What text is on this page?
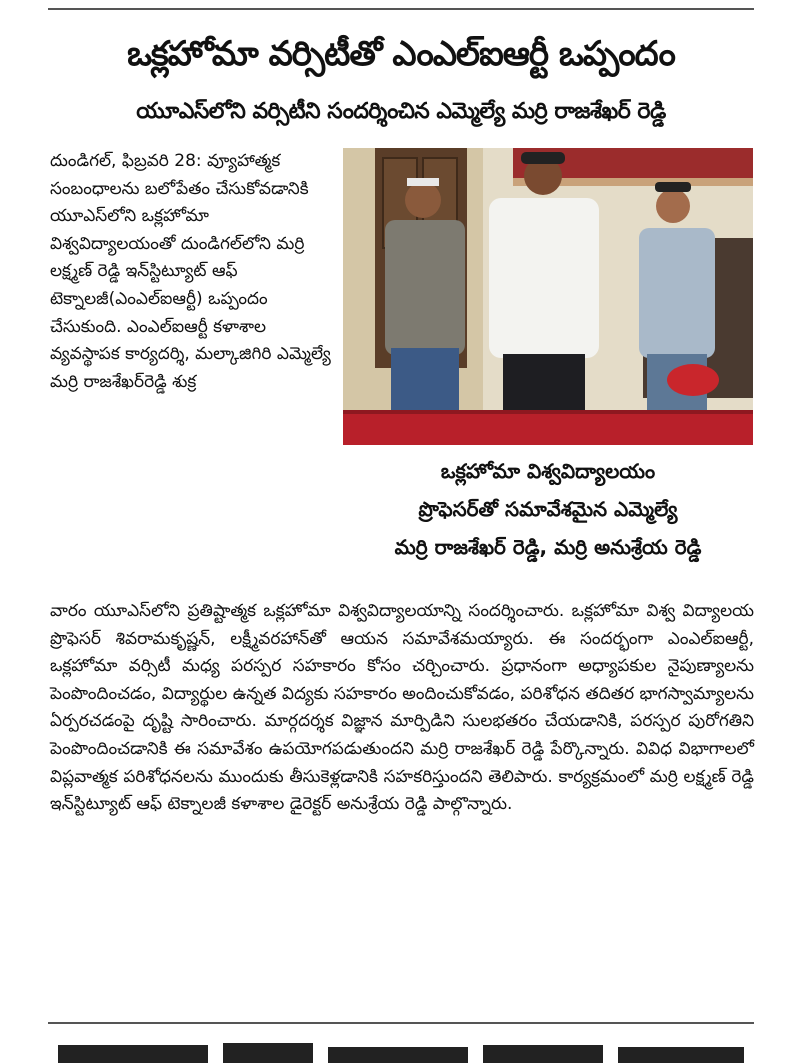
ఒక్లహోమా వర్సిటీతో ఎంఎల్ఐఆర్టీ ఒప్పందం
యూఎస్‌లోని వర్సిటీని సందర్శించిన ఎమ్మెల్యే మర్రి రాజశేఖర్ రెడ్డి

దుండిగల్, ఫిబ్రవరి 28: వ్యూహాత్మక సంబంధాలను బలోపేతం చేసుకోవడానికి యూఎస్‌లోని ఒక్లహోమా విశ్వవిద్యాలయంతో దుండిగల్‌లోని మర్రి లక్ష్మణ్ రెడ్డి ఇన్‌స్టిట్యూట్ ఆఫ్ టెక్నాలజీ(ఎంఎల్ఐఆర్టీ) ఒప్పందం చేసుకుంది. ఎంఎల్ఐఆర్టీ కళాశాల వ్యవస్థాపక కార్యదర్శి, మల్కాజిగిరి ఎమ్మెల్యే మర్రి రాజశేఖర్‌రెడ్డి శుక్ర

ఒక్లహోమా విశ్వవిద్యాలయం
ప్రొఫెసర్‌తో సమావేశమైన ఎమ్మెల్యే
మర్రి రాజశేఖర్ రెడ్డి, మర్రి అనుశ్రేయ రెడ్డి

వారం యూఎస్‌లోని ప్రతిష్టాత్మక ఒక్లహోమా విశ్వవిద్యాలయాన్ని సందర్శించారు. ఒక్లహోమా విశ్వ విద్యాలయ ప్రొఫెసర్ శివరామకృష్ణన్, లక్ష్మీవరహాన్‌తో ఆయన సమావేశమయ్యారు. ఈ సందర్భంగా ఎంఎల్ఐఆర్టీ, ఒక్లహోమా వర్సిటీ మధ్య పరస్పర సహకారం కోసం చర్చించారు. ప్రధానంగా అధ్యాపకుల నైపుణ్యాలను పెంపొందించడం, విద్యార్థుల ఉన్నత విద్యకు సహకారం అందించుకోవడం, పరిశోధన తదితర భాగస్వామ్యాలను ఏర్పరచడంపై దృష్టి సారించారు. మార్గదర్శక విజ్ఞాన మార్పిడిని సులభతరం చేయడానికి, పరస్పర పురోగతిని పెంపొందించడానికి ఈ సమావేశం ఉపయోగపడుతుందని మర్రి రాజశేఖర్ రెడ్డి పేర్కొన్నారు. వివిధ విభాగాలలో విప్లవాత్మక పరిశోధనలను ముందుకు తీసుకెళ్లడానికి సహకరిస్తుందని తెలిపారు. కార్యక్రమంలో మర్రి లక్ష్మణ్ రెడ్డి ఇన్‌స్టిట్యూట్ ఆఫ్ టెక్నాలజీ కళాశాల డైరెక్టర్ అనుశ్రేయ రెడ్డి పాల్గొన్నారు.
